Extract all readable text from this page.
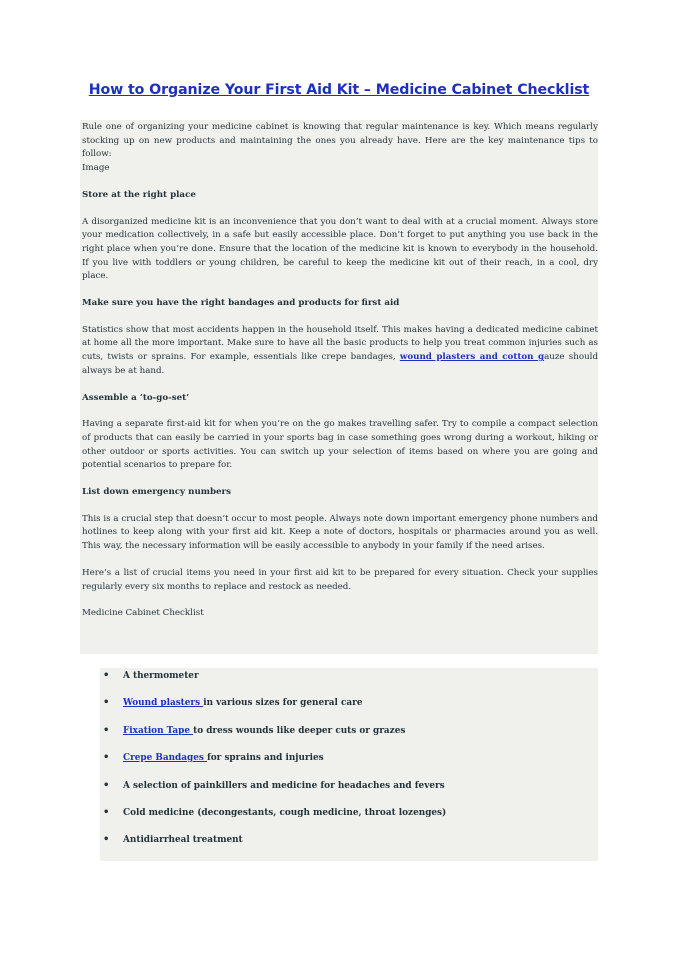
How to Organize Your First Aid Kit – Medicine Cabinet Checklist

Rule one of organizing your medicine cabinet is knowing that regular maintenance is key. Which means regularly stocking up on new products and maintaining the ones you already have. Here are the key maintenance tips to follow:

Image

Store at the right place

A disorganized medicine kit is an inconvenience that you don’t want to deal with at a crucial moment. Always store your medication collectively, in a safe but easily accessible place. Don’t forget to put anything you use back in the right place when you’re done. Ensure that the location of the medicine kit is known to everybody in the household. If you live with toddlers or young children, be careful to keep the medicine kit out of their reach, in a cool, dry place.

Make sure you have the right bandages and products for first aid

Statistics show that most accidents happen in the household itself. This makes having a dedicated medicine cabinet at home all the more important. Make sure to have all the basic products to help you treat common injuries such as cuts, twists or sprains. For example, essentials like crepe bandages, wound plasters and cotton gauze should always be at hand.

Assemble a ‘to-go-set’

Having a separate first-aid kit for when you’re on the go makes travelling safer. Try to compile a compact selection of products that can easily be carried in your sports bag in case something goes wrong during a workout, hiking or other outdoor or sports activities. You can switch up your selection of items based on where you are going and potential scenarios to prepare for.

List down emergency numbers

This is a crucial step that doesn’t occur to most people. Always note down important emergency phone numbers and hotlines to keep along with your first aid kit. Keep a note of doctors, hospitals or pharmacies around you as well. This way, the necessary information will be easily accessible to anybody in your family if the need arises.

Here’s a list of crucial items you need in your first aid kit to be prepared for every situation. Check your supplies regularly every six months to replace and restock as needed.

Medicine Cabinet Checklist
• A thermometer
• Wound plasters in various sizes for general care
• Fixation Tape to dress wounds like deeper cuts or grazes
• Crepe Bandages for sprains and injuries
• A selection of painkillers and medicine for headaches and fevers
• Cold medicine (decongestants, cough medicine, throat lozenges)
• Antidiarrheal treatment
